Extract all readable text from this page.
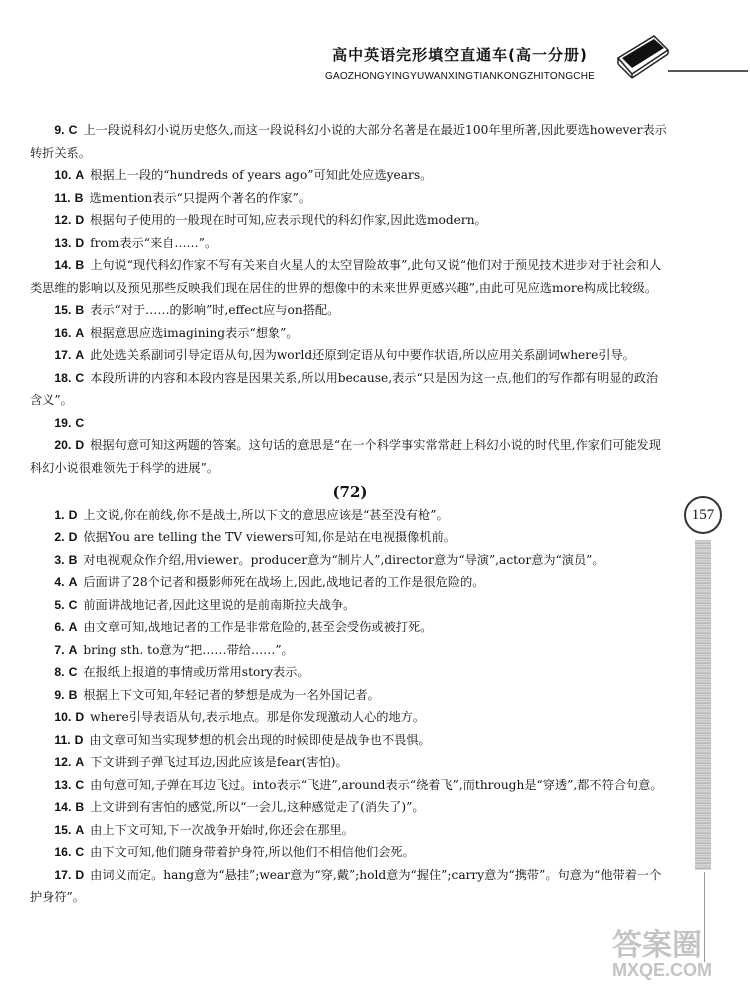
高中英语完形填空直通车(高一分册)
GAOZHONGYINGYUWANXINGTIANKONGZHITONGCHE

9. C 上一段说科幻小说历史悠久,而这一段说科幻小说的大部分名著是在最近100年里所著,因此要选however表示转折关系。

10. A 根据上一段的“hundreds of years ago”可知此处应选years。

11. B 选mention表示“只提两个著名的作家”。

12. D 根据句子使用的一般现在时可知,应表示现代的科幻作家,因此选modern。

13. D from表示“来自……”。

14. B 上句说“现代科幻作家不写有关来自火星人的太空冒险故事”,此句又说“他们对于预见技术进步对于社会和人类思维的影响以及预见那些反映我们现在居住的世界的想像中的未来世界更感兴趣”,由此可见应选more构成比较级。

15. B 表示“对于……的影响”时,effect应与on搭配。

16. A 根据意思应选imagining表示“想象”。

17. A 此处选关系副词引导定语从句,因为world还原到定语从句中要作状语,所以应用关系副词where引导。

18. C 本段所讲的内容和本段内容是因果关系,所以用because,表示“只是因为这一点,他们的写作都有明显的政治含义”。

19. C

20. D 根据句意可知这两题的答案。这句话的意思是“在一个科学事实常常赶上科幻小说的时代里,作家们可能发现科幻小说很难领先于科学的进展”。

(72)

1. D 上文说,你在前线,你不是战士,所以下文的意思应该是“甚至没有枪”。

2. D 依据You are telling the TV viewers可知,你是站在电视摄像机前。

3. B 对电视观众作介绍,用viewer。producer意为“制片人”,director意为“导演”,actor意为“演员”。

4. A 后面讲了28个记者和摄影师死在战场上,因此,战地记者的工作是很危险的。

5. C 前面讲战地记者,因此这里说的是前南斯拉夫战争。

6. A 由文章可知,战地记者的工作是非常危险的,甚至会受伤或被打死。

7. A bring sth. to意为“把……带给……”。

8. C 在报纸上报道的事情或历常用story表示。

9. B 根据上下文可知,年轻记者的梦想是成为一名外国记者。

10. D where引导表语从句,表示地点。那是你发现激动人心的地方。

11. D 由文章可知当实现梦想的机会出现的时候即使是战争也不畏惧。

12. A 下文讲到子弹飞过耳边,因此应该是fear(害怕)。

13. C 由句意可知,子弹在耳边飞过。into表示“飞进”,around表示“绕着飞”,而through是“穿透”,都不符合句意。

14. B 上文讲到有害怕的感觉,所以“一会儿,这种感觉走了(消失了)”。

15. A 由上下文可知,下一次战争开始时,你还会在那里。

16. C 由下文可知,他们随身带着护身符,所以他们不相信他们会死。

17. D 由词义而定。hang意为“悬挂”;wear意为“穿,戴”;hold意为“握住”;carry意为“携带”。句意为“他带着一个护身符”。

157
答案圈
MXQE.COM
